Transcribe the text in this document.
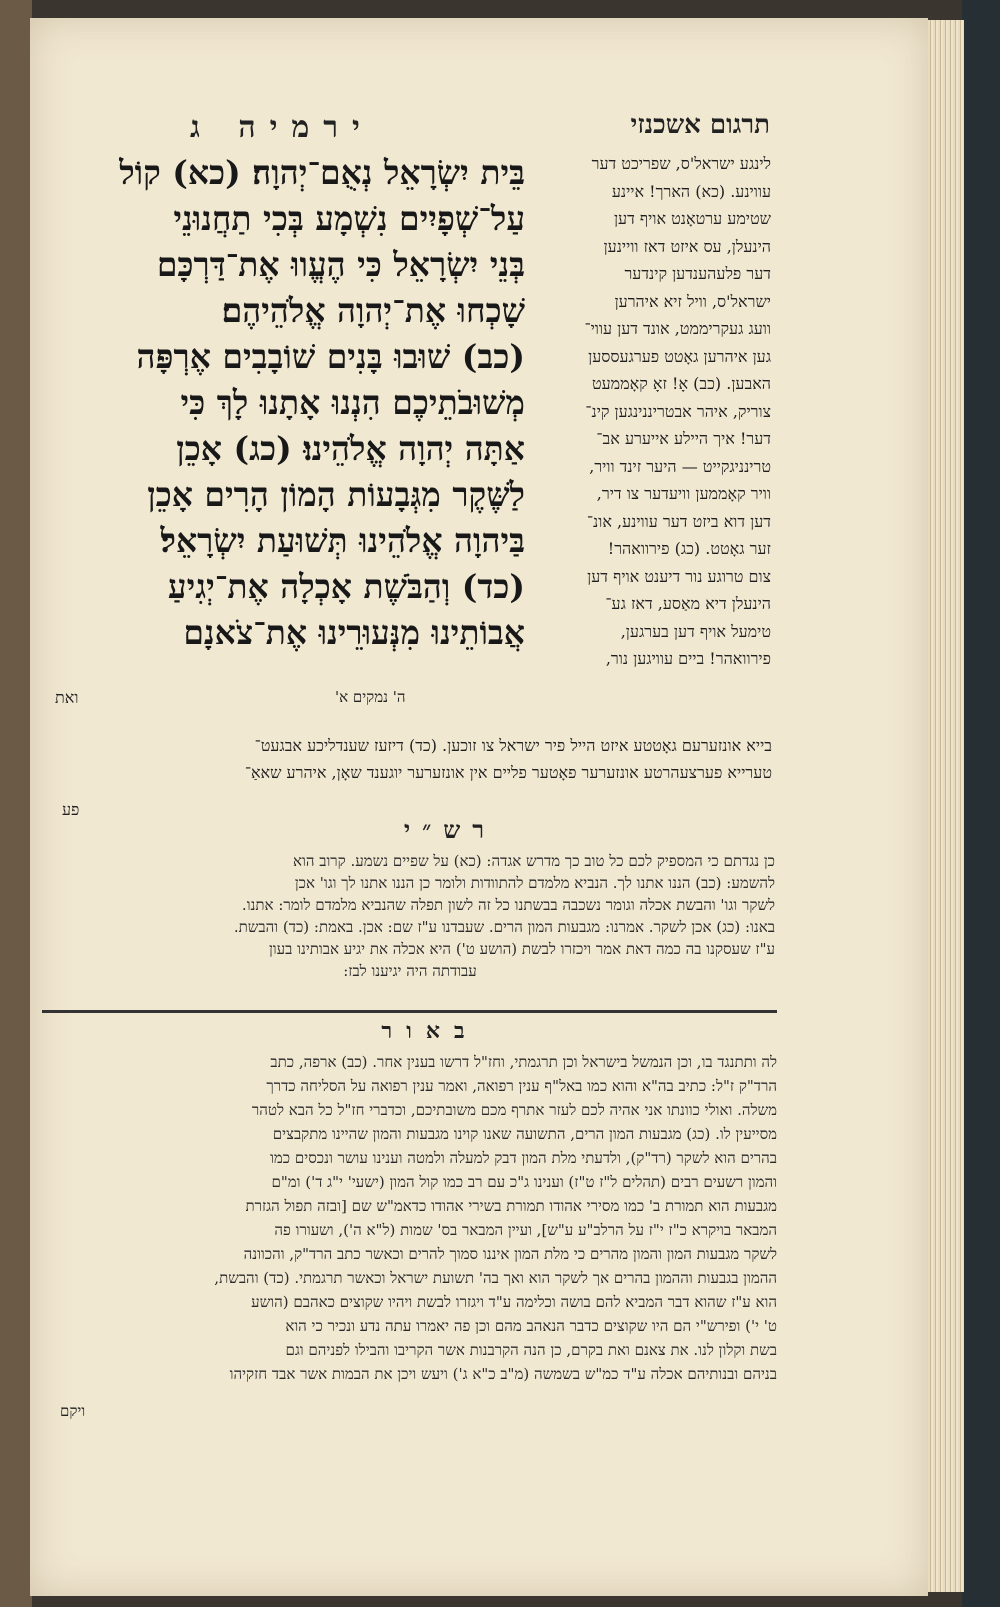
תרגום אשכנזי
ירמיה ג
בֵּית יִשְׂרָאֵל נְאֻם־יְהוָה׃ (כא) קוֹל
עַל־שְׁפָיִים נִשְׁמָע בְּכִי תַחֲנוּנֵי
בְּנֵי יִשְׂרָאֵל כִּי הֶעֱווּ אֶת־דַּרְכָּם
שָׁכְחוּ אֶת־יְהוָה אֱלֹהֵיהֶם׃
(כב) שׁוּבוּ בָּנִים שׁוֹבָבִים אֶרְפָּה
מְשׁוּבֹתֵיכֶם הִנְנוּ אָתָנוּ לָךְ כִּי
אַתָּה יְהוָה אֱלֹהֵינוּ׃ (כג) אָכֵן
לַשֶּׁקֶר מִגְּבָעוֹת הָמוֹן הָרִים אָכֵן
בַּיהוָה אֱלֹהֵינוּ תְּשׁוּעַת יִשְׂרָאֵל׃
(כד) וְהַבֹּשֶׁת אָכְלָה אֶת־יְגִיעַ
אֲבוֹתֵינוּ מִנְּעוּרֵינוּ אֶת־צֹאנָם
ואת	ה' נמקים א'
לינגע ישראל'ס, שפריכט דער
עווינע. (כא) הארך! איינע
שטימע ערטאָנט אויף דען
הינעלן, עס איזט דאז וויינען
דער פלעהענדען קינדער
ישראל'ס, וויל זיא איהרען
וועג געקריממט, אונד דען עווי־
גען איהרען גאָטט פערגעססען
האבען. (כב) אָ! זאָ קאָממעט
צוריק, איהר אבטריננינגען קינ־
דער! איך היילע אייערע אב־
טרינניגקייט — היער זינד וויר,
וויר קאָממען וויעדער צו דיר,
דען דוא ביזט דער עווינע, אונ־
זער גאָטט. (כג) פירוואהר!
צום טרוגע נור דיענט אויף דען
הינעלן דיא מאַסע, דאז גע־
טימעל אויף דען בערגען,
פירוואהר! ביים עוויגען נור,
בייא אונזערעם גאָטטע איזט הייל פיר ישראל צו זוכען. (כד) דיזעז שענדליכע אבגעט־
טערייא פערצעהרטע אונזערער פאָטער פליים אין אונזערער יוגענד שאָן, איהרע שאאַ־
פע
רש״י
כן נגדתם כי המספיק לכם כל טוב כך מדרש אגדה: (כא) על שפיים נשמע. קרוב הוא
להשמע: (כב) הננו אתנו לך. הנביא מלמדם להתוודות ולומר כן הננו אתנו לך וגו' אכן
לשקר וגו' והבשת אכלה וגומר נשכבה בבשתנו כל זה לשון תפלה שהנביא מלמדם לומר: אתנו.
באנו: (כג) אכן לשקר. אמרנו: מגבעות המון הרים. שעבדנו ע"ז שם: אכן. באמת: (כד) והבשת.
ע"ז שעסקנו בה כמה דאת אמר ויכזרו לבשת (הושע ט') היא אכלה את יגיע אבותינו בעון
עבודתה היה יגיענו לבז:
באור
לה ותתנגד בו, וכן הנמשל בישראל וכן תרגמתי, וחז"ל דרשו בענין אחר. (כב) ארפה, כתב
הרד"ק ז"ל: כתיב בה"א והוא כמו באל"ף ענין רפואה, ואמר ענין רפואה על הסליחה כדרך
משלה. ואולי כוונתו אני אהיה לכם לעזר אתרף מכם משובתיכם, וכדברי חז"ל כל הבא לטהר
מסייעין לו. (כג) מגבעות המון הרים, התשועה שאנו קוינו מגבעות והמון שהיינו מתקבצים
בהרים הוא לשקר (רד"ק), ולדעתי מלת המון דבק למעלה ולמטה וענינו עושר ונכסים כמו
והמון רשעים רבים (תהלים ל"ז ט"ז) וענינו ג"כ עם רב כמו קול המון (ישעי' י"ג ד') ומ"ם
מגבעות הוא תמורת ב' כמו מסירי אהודו תמורת בשירי אהודו כדאמ"ש שם [ובזה תפול הגזרת
המבאר בויקרא כ"ז י"ז על הרלב"ע ע"ש], ועיין המבאר בס' שמות (ל"א ה'), ושעורו פה
לשקר מגבעות המון והמון מהרים כי מלת המון איננו סמוך להרים וכאשר כתב הרד"ק, והכוונה
ההמון בגבעות וההמון בהרים אך לשקר הוא ואך בה' תשועת ישראל וכאשר תרגמתי. (כד) והבשת,
הוא ע"ז שהוא דבר המביא להם בושה וכלימה ע"ד ויגזרו לבשת ויהיו שקוצים כאהבם (הושע
ט' י') ופירש"י הם היו שקוצים כדבר הנאהב מהם וכן פה יאמרו עתה נדע ונכיר כי הוא
בשת וקלון לנו. את צאנם ואת בקרם, כן הנה הקרבנות אשר הקריבו והבילו לפניהם וגם
בניהם ובנותיהם אכלה ע"ד כמ"ש בשמשה (מ"ב כ"א ג') ויעש ויכן את הבמות אשר אבד חזקיהו
ויקם
